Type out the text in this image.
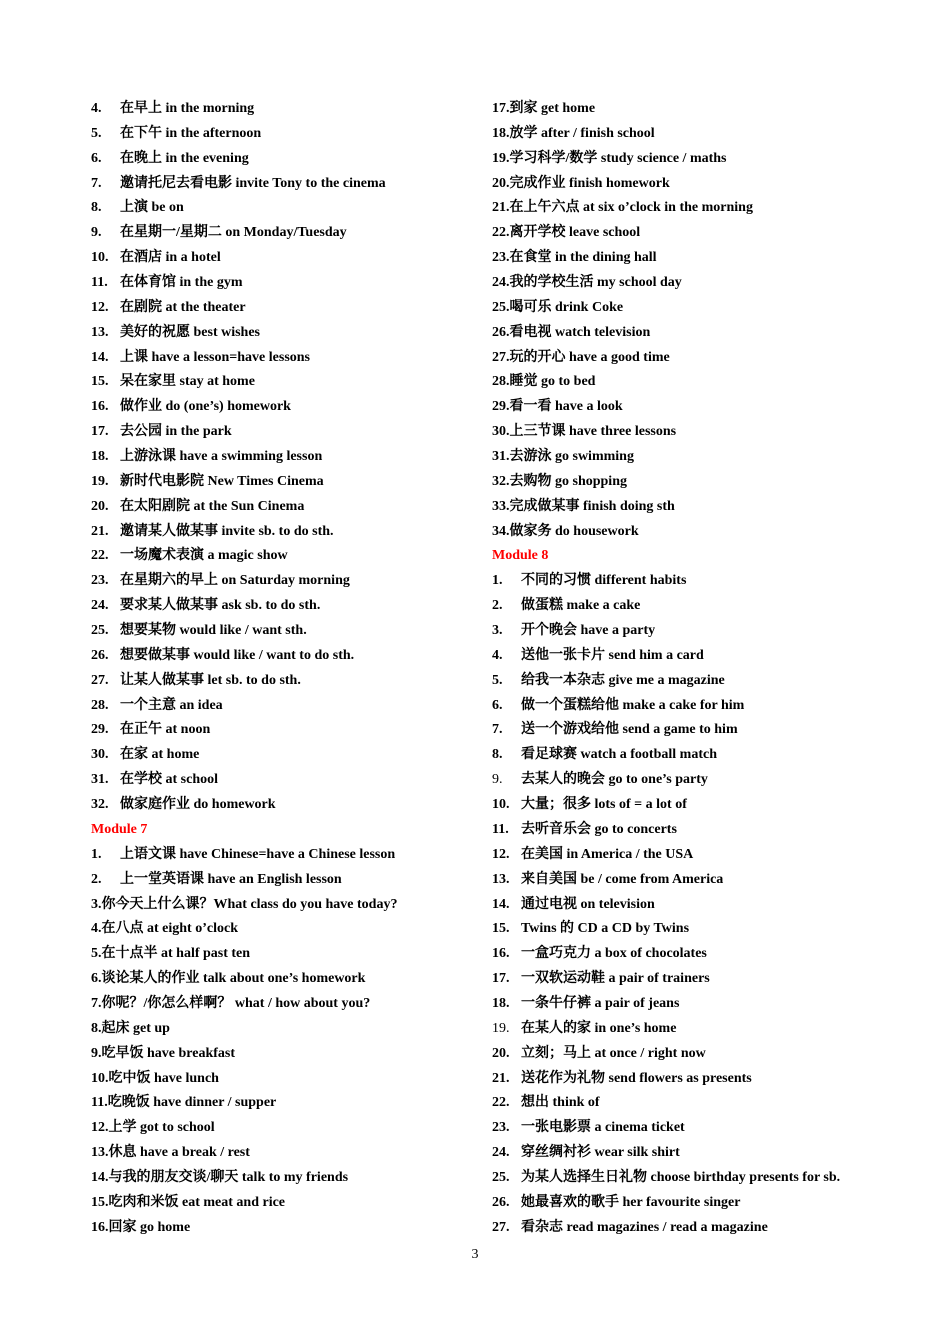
4.	在早上 in the morning
5.	在下午 in the afternoon
6.	在晚上 in the evening
7.	邀请托尼去看电影 invite Tony to the cinema
8.	上演 be on
9.	在星期一/星期二 on Monday/Tuesday
10. 在酒店 in a hotel
11. 在体育馆 in the gym
12. 在剧院 at the theater
13. 美好的祝愿 best wishes
14. 上课 have a lesson=have lessons
15. 呆在家里 stay at home
16. 做作业 do (one’s) homework
17. 去公园 in the park
18. 上游泳课 have a swimming lesson
19. 新时代电影院 New Times Cinema
20. 在太阳剧院 at the Sun Cinema
21. 邀请某人做某事 invite sb. to do sth.
22. 一场魔术表演 a magic show
23. 在星期六的早上 on Saturday morning
24. 要求某人做某事 ask sb. to do sth.
25. 想要某物 would like / want sth.
26. 想要做某事 would like / want to do sth.
27. 让某人做某事 let sb. to do sth.
28. 一个主意 an idea
29. 在正午 at noon
30. 在家 at home
31. 在学校 at school
32. 做家庭作业 do homework
Module 7
1.	上语文课 have Chinese=have a Chinese lesson
2.	上一堂英语课 have an English lesson
3.你今天上什么课？What class do you have today?
4.在八点 at eight o’clock
5.在十点半 at half past ten
6.谈论某人的作业 talk about one’s homework
7.你呢？/你怎么样啊？ what / how about you?
8.起床 get up
9.吃早饭 have breakfast
10.吃中饭 have lunch
11.吃晚饭 have dinner / supper
12.上学 got to school
13.休息 have a break / rest
14.与我的朋友交谈/聊天 talk to my friends
15.吃肉和米饭 eat meat and rice
16.回家 go home
17.到家 get home
18.放学 after / finish school
19.学习科学/数学 study science / maths
20.完成作业 finish homework
21.在上午六点 at six o’clock in the morning
22.离开学校 leave school
23.在食堂 in the dining hall
24.我的学校生活 my school day
25.喝可乐 drink Coke
26.看电视 watch television
27.玩的开心 have a good time
28.睡觉 go to bed
29.看一看 have a look
30.上三节课 have three lessons
31.去游泳 go swimming
32.去购物 go shopping
33.完成做某事 finish doing sth
34.做家务 do housework
Module 8
1.	不同的习惯 different habits
2.	做蛋糕 make a cake
3.	开个晚会 have a party
4.	送他一张卡片 send him a card
5.	给我一本杂志 give me a magazine
6.	做一个蛋糕给他 make a cake for him
7.	送一个游戏给他 send a game to him
8.	看足球赛 watch a football match
9.	去某人的晚会 go to one’s party
10. 大量；很多 lots of = a lot of
11. 去听音乐会 go to concerts
12. 在美国 in America / the USA
13. 来自美国 be / come from America
14. 通过电视 on television
15. Twins 的 CD a CD by Twins
16. 一盒巧克力 a box of chocolates
17. 一双软运动鞋 a pair of trainers
18. 一条牛仔裤 a pair of jeans
19. 在某人的家 in one’s home
20. 立刻；马上 at once / right now
21. 送花作为礼物 send flowers as presents
22. 想出 think of
23. 一张电影票 a cinema ticket
24. 穿丝绸衬衫 wear silk shirt
25. 为某人选择生日礼物 choose birthday presents for sb.
26. 她最喜欢的歌手 her favourite singer
27. 看杂志 read magazines / read a magazine
3
